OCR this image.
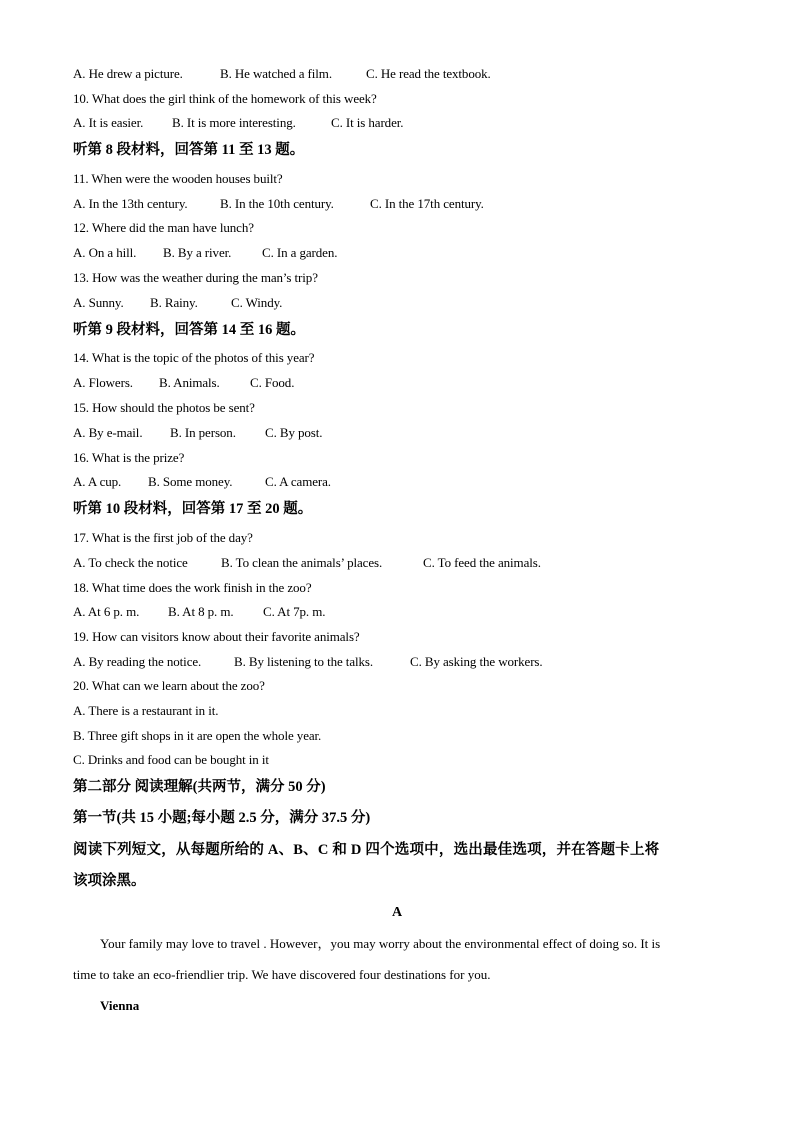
A. He drew a picture.	B. He watched a film.	C. He read the textbook.
10. What does the girl think of the homework of this week?
A. It is easier. B. It is more interesting.	C. It is harder.
听第 8 段材料，回答第 11 至 13 题。
11. When were the wooden houses built?
A. In the 13th century. B. In the 10th century.	C. In the 17th century.
12. Where did the man have lunch?
A. On a hill. B. By a river. C. In a garden.
13. How was the weather during the man’s trip?
A. Sunny. B. Rainy.	C. Windy.
听第 9 段材料，回答第 14 至 16 题。
14. What is the topic of the photos of this year?
A. Flowers. B. Animals. C. Food.
15. How should the photos be sent?
A. By e-mail. B. In person. C. By post.
16. What is the prize?
A. A cup. B. Some money.	C. A camera.
听第 10 段材料，回答第 17 至 20 题。
17. What is the first job of the day?
A. To check the notice	B. To clean the animals’ places.	C. To feed the animals.
18. What time does the work finish in the zoo?
A. At 6 p. m. B. At 8 p. m. C. At 7p. m.
19. How can visitors know about their favorite animals?
A. By reading the notice.	B. By listening to the talks.	C. By asking the workers.
20. What can we learn about the zoo?
A. There is a restaurant in it.
B. Three gift shops in it are open the whole year.
C. Drinks and food can be bought in it
第二部分 阅读理解(共两节，满分 50 分)
第一节(共 15 小题;每小题 2.5 分，满分 37.5 分)
阅读下列短文，从每题所给的 A、B、C 和 D 四个选项中，选出最佳选项，并在答题卡上将
该项涂黑。
A
Your family may love to travel . However，you may worry about the environmental effect of doing so. It is
time to take an eco-friendlier trip. We have discovered four destinations for you.
Vienna
